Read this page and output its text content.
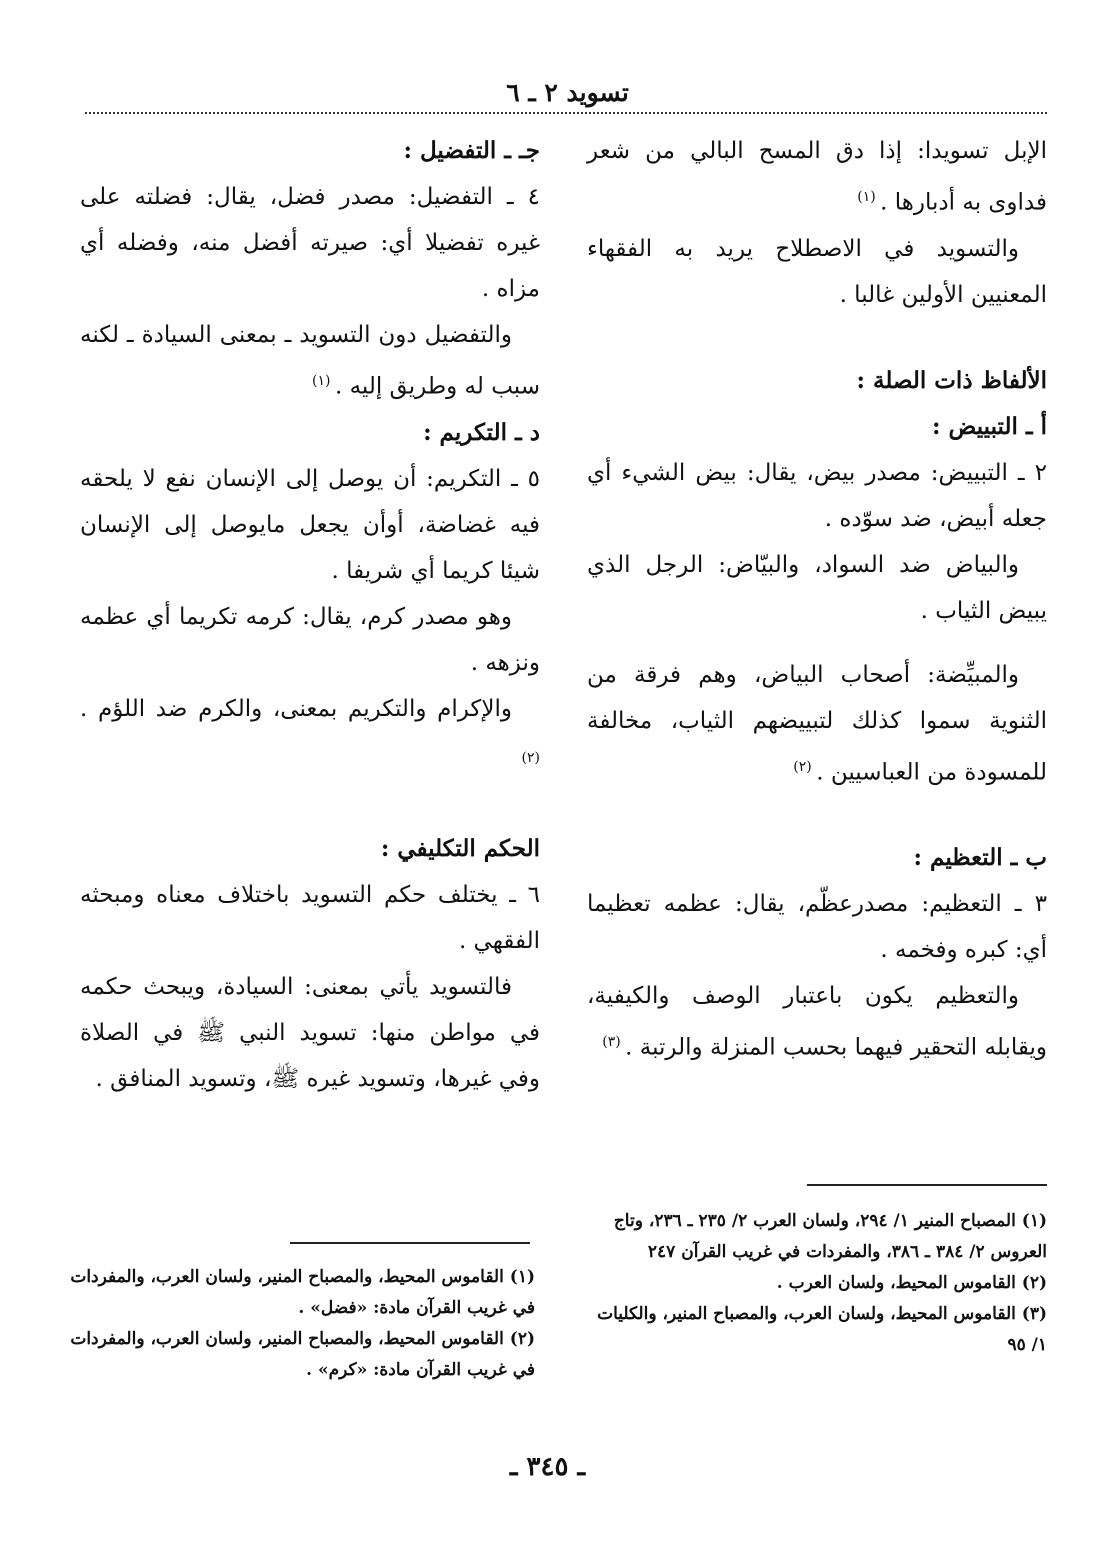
تسويد ٢ ـ ٦

الإبل تسويدا: إذا دق المسح البالي من شعر فداوى به أدبارها . $^{(١)}$

والتسويد في الاصطلاح يريد به الفقهاء المعنيين الأولين غالبا .

الألفاظ ذات الصلة :

أ ـ التبييض :

٢ ـ التبييض: مصدر بيض، يقال: بيض الشيء أي جعله أبيض، ضد سوّده .

والبياض ضد السواد، والبيّاض: الرجل الذي يبيض الثياب .

والمبيِّضة: أصحاب البياض، وهم فرقة من الثنوية سموا كذلك لتبييضهم الثياب، مخالفة للمسودة من العباسيين . $^{(٢)}$

ب ـ التعظيم :

٣ ـ التعظيم: مصدرعظّم، يقال: عظمه تعظيما أي: كبره وفخمه .

والتعظيم يكون باعتبار الوصف والكيفية، ويقابله التحقير فيهما بحسب المنزلة والرتبة . $^{(٣)}$

جـ ـ التفضيل :

٤ ـ التفضيل: مصدر فضل، يقال: فضلته على غيره تفضيلا أي: صيرته أفضل منه، وفضله أي مزاه .

والتفضيل دون التسويد ـ بمعنى السيادة ـ لكنه سبب له وطريق إليه . $^{(١)}$

د ـ التكريم :

٥ ـ التكريم: أن يوصل إلى الإنسان نفع لا يلحقه فيه غضاضة، أوأن يجعل مايوصل إلى الإنسان شيئا كريما أي شريفا .

وهو مصدر كرم، يقال: كرمه تكريما أي عظمه ونزهه .

والإكرام والتكريم بمعنى، والكرم ضد اللؤم . $^{(٢)}$

الحكم التكليفي :

٦ ـ يختلف حكم التسويد باختلاف معناه ومبحثه الفقهي .

فالتسويد يأتي بمعنى: السيادة، ويبحث حكمه في مواطن منها: تسويد النبي ﷺ في الصلاة وفي غيرها، وتسويد غيره ﷺ، وتسويد المنافق .

(١) المصباح المنير ١/ ٢٩٤، ولسان العرب ٢/ ٢٣٥ ـ ٢٣٦، وتاج العروس ٢/ ٣٨٤ ـ ٣٨٦، والمفردات في غريب القرآن ٢٤٧

(٢) القاموس المحيط، ولسان العرب .

(٣) القاموس المحيط، ولسان العرب، والمصباح المنير، والكليات ١/ ٩٥

(١) القاموس المحيط، والمصباح المنير، ولسان العرب، والمفردات في غريب القرآن مادة: «فضل» .

(٢) القاموس المحيط، والمصباح المنير، ولسان العرب، والمفردات في غريب القرآن مادة: «كرم» .

ـ ٣٤٥ ـ
